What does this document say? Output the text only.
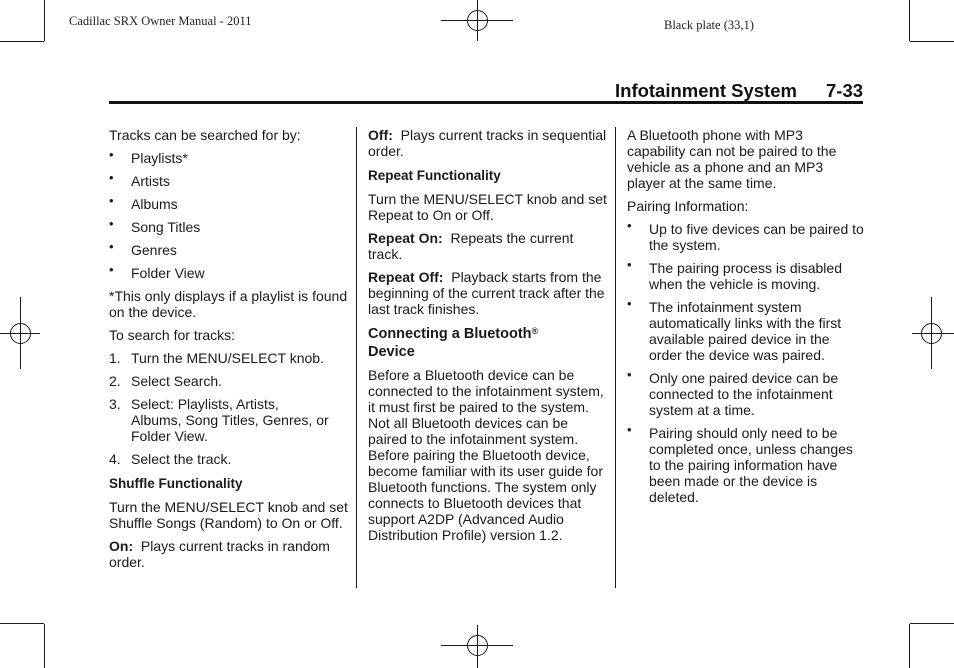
Cadillac SRX Owner Manual - 2011	Black plate (33,1)
Infotainment System 7-33

Tracks can be searched for by:

• Playlists*
• Artists
• Albums
• Song Titles
• Genres
• Folder View

*This only displays if a playlist is found on the device.

To search for tracks:

1. Turn the MENU/SELECT knob.
2. Select Search.
3. Select: Playlists, Artists, Albums, Song Titles, Genres, or Folder View.
4. Select the track.
Shuffle Functionality

Turn the MENU/SELECT knob and set Shuffle Songs (Random) to On or Off.

On: Plays current tracks in random order.

Off: Plays current tracks in sequential order.

Repeat Functionality

Turn the MENU/SELECT knob and set Repeat to On or Off.

Repeat On: Repeats the current track.

Repeat Off: Playback starts from the beginning of the current track after the last track finishes.

Connecting a Bluetooth®
Device

Before a Bluetooth device can be connected to the infotainment system, it must first be paired to the system. Not all Bluetooth devices can be paired to the infotainment system. Before pairing the Bluetooth device, become familiar with its user guide for Bluetooth functions. The system only connects to Bluetooth devices that support A2DP (Advanced Audio Distribution Profile) version 1.2.

A Bluetooth phone with MP3 capability can not be paired to the vehicle as a phone and an MP3 player at the same time.

Pairing Information:

• Up to five devices can be paired to the system.
• The pairing process is disabled when the vehicle is moving.
• The infotainment system automatically links with the first available paired device in the order the device was paired.
• Only one paired device can be connected to the infotainment system at a time.
• Pairing should only need to be completed once, unless changes to the pairing information have been made or the device is deleted.
